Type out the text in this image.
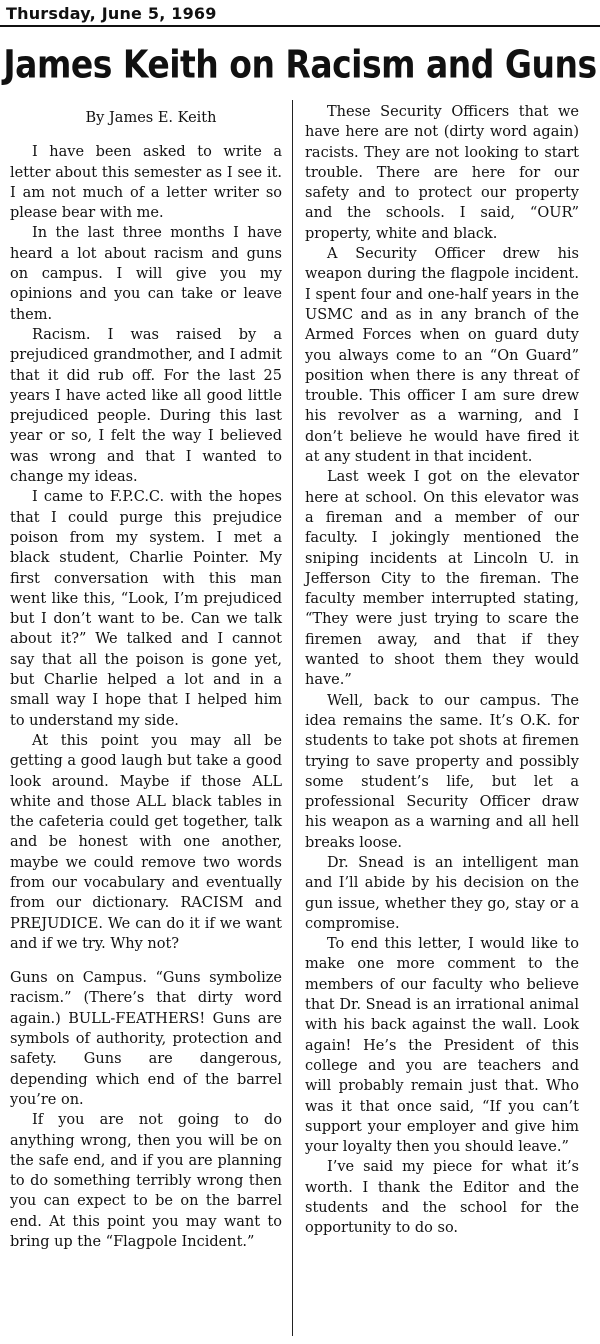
Thursday, June 5, 1969
James Keith on Racism and Guns
By James E. Keith

I have been asked to write a letter about this semester as I see it. I am not much of a letter writer so please bear with me.

In the last three months I have heard a lot about racism and guns on campus. I will give you my opinions and you can take or leave them.

Racism. I was raised by a prejudiced grandmother, and I admit that it did rub off. For the last 25 years I have acted like all good little prejudiced people. During this last year or so, I felt the way I believed was wrong and that I wanted to change my ideas.

I came to F.P.C.C. with the hopes that I could purge this prejudice poison from my system. I met a black student, Charlie Pointer. My first conversation with this man went like this, “Look, I’m prejudiced but I don’t want to be. Can we talk about it?” We talked and I cannot say that all the poison is gone yet, but Charlie helped a lot and in a small way I hope that I helped him to understand my side.

At this point you may all be getting a good laugh but take a good look around. Maybe if those ALL white and those ALL black tables in the cafeteria could get together, talk and be honest with one another, maybe we could remove two words from our vocabulary and eventually from our dictionary. RACISM and PREJUDICE. We can do it if we want and if we try. Why not?

Guns on Campus. “Guns symbolize racism.” (There’s that dirty word again.) BULL-FEATHERS! Guns are symbols of authority, protection and safety. Guns are dangerous, depending which end of the barrel you’re on.

If you are not going to do anything wrong, then you will be on the safe end, and if you are planning to do something terribly wrong then you can expect to be on the barrel end. At this point you may want to bring up the “Flagpole Incident.”

These Security Officers that we have here are not (dirty word again) racists. They are not looking to start trouble. There are here for our safety and to protect our property and the schools. I said, “OUR” property, white and black.

A Security Officer drew his weapon during the flagpole incident. I spent four and one-half years in the USMC and as in any branch of the Armed Forces when on guard duty you always come to an “On Guard” position when there is any threat of trouble. This officer I am sure drew his revolver as a warning, and I don’t believe he would have fired it at any student in that incident.

Last week I got on the elevator here at school. On this elevator was a fireman and a member of our faculty. I jokingly mentioned the sniping incidents at Lincoln U. in Jefferson City to the fireman. The faculty member interrupted stating, “They were just trying to scare the firemen away, and that if they wanted to shoot them they would have.”

Well, back to our campus. The idea remains the same. It’s O.K. for students to take pot shots at firemen trying to save property and possibly some student’s life, but let a professional Security Officer draw his weapon as a warning and all hell breaks loose.

Dr. Snead is an intelligent man and I’ll abide by his decision on the gun issue, whether they go, stay or a compromise.

To end this letter, I would like to make one more comment to the members of our faculty who believe that Dr. Snead is an irrational animal with his back against the wall. Look again! He’s the President of this college and you are teachers and will probably remain just that. Who was it that once said, “If you can’t support your employer and give him your loyalty then you should leave.”

I’ve said my piece for what it’s worth. I thank the Editor and the students and the school for the opportunity to do so.
